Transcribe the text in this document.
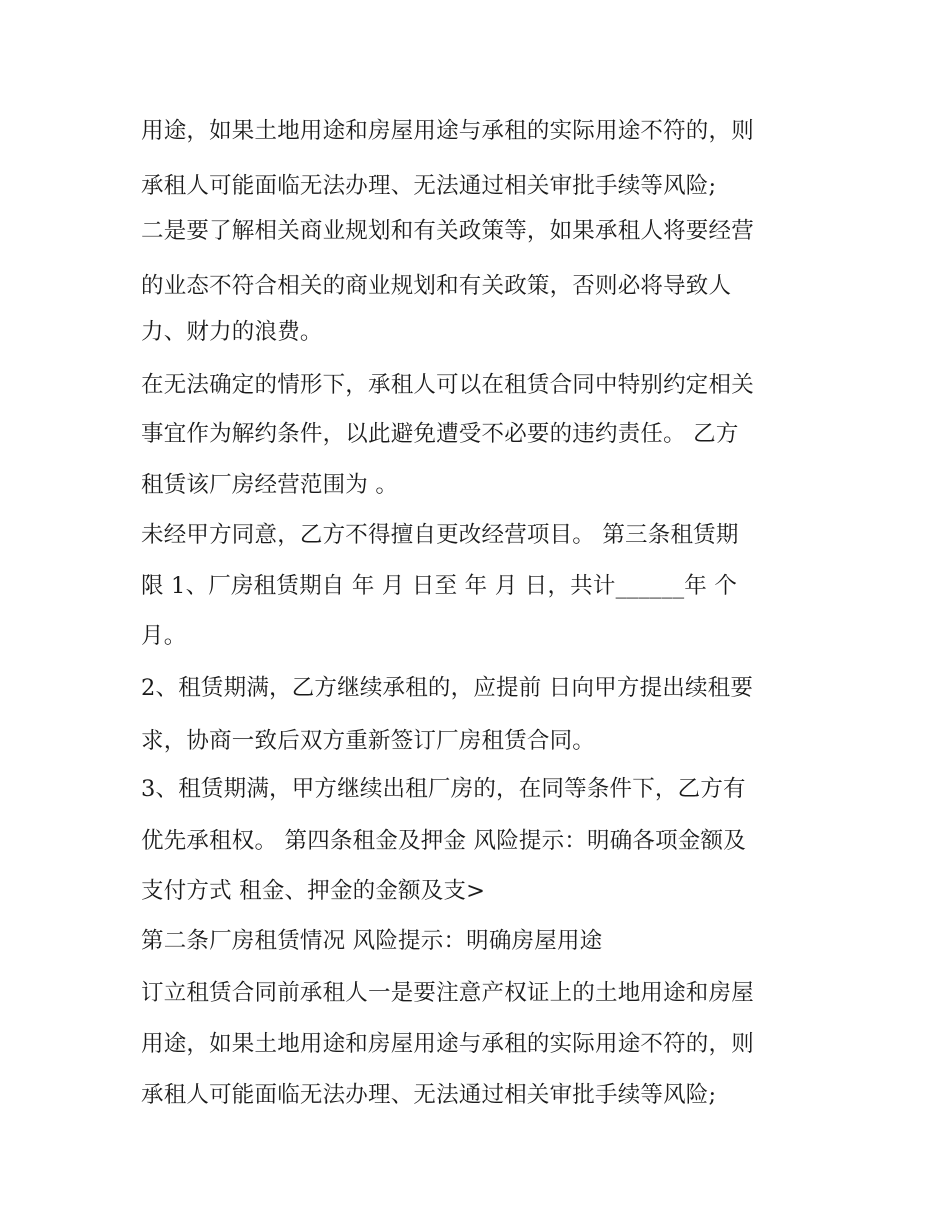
用途，如果土地用途和房屋用途与承租的实际用途不符的，则
承租人可能面临无法办理、无法通过相关审批手续等风险;
二是要了解相关商业规划和有关政策等，如果承租人将要经营
的业态不符合相关的商业规划和有关政策，否则必将导致人
力、财力的浪费。
在无法确定的情形下，承租人可以在租赁合同中特别约定相关
事宜作为解约条件，以此避免遭受不必要的违约责任。 乙方
租赁该厂房经营范围为 。
未经甲方同意，乙方不得擅自更改经营项目。 第三条租赁期
限 1、厂房租赁期自 年 月 日至 年 月 日，共计______年 个
月。
2、租赁期满，乙方继续承租的，应提前 日向甲方提出续租要
求，协商一致后双方重新签订厂房租赁合同。
3、租赁期满，甲方继续出租厂房的，在同等条件下，乙方有
优先承租权。 第四条租金及押金 风险提示：明确各项金额及
支付方式 租金、押金的金额及支>
第二条厂房租赁情况 风险提示：明确房屋用途
订立租赁合同前承租人一是要注意产权证上的土地用途和房屋
用途，如果土地用途和房屋用途与承租的实际用途不符的，则
承租人可能面临无法办理、无法通过相关审批手续等风险;
